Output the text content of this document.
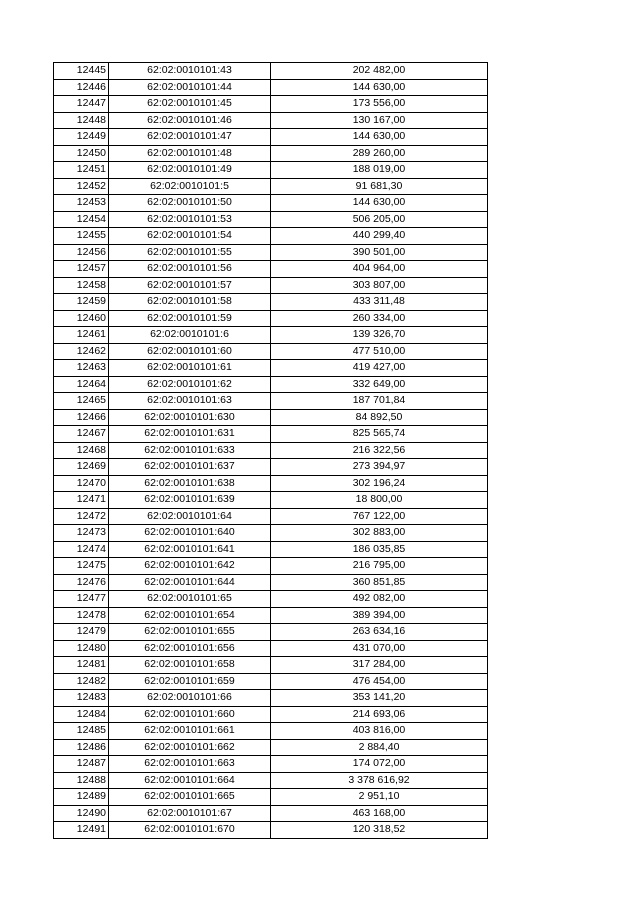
12445	62:02:0010101:43	202 482,00
12446	62:02:0010101:44	144 630,00
12447	62:02:0010101:45	173 556,00
12448	62:02:0010101:46	130 167,00
12449	62:02:0010101:47	144 630,00
12450	62:02:0010101:48	289 260,00
12451	62:02:0010101:49	188 019,00
12452	62:02:0010101:5	91 681,30
12453	62:02:0010101:50	144 630,00
12454	62:02:0010101:53	506 205,00
12455	62:02:0010101:54	440 299,40
12456	62:02:0010101:55	390 501,00
12457	62:02:0010101:56	404 964,00
12458	62:02:0010101:57	303 807,00
12459	62:02:0010101:58	433 311,48
12460	62:02:0010101:59	260 334,00
12461	62:02:0010101:6	139 326,70
12462	62:02:0010101:60	477 510,00
12463	62:02:0010101:61	419 427,00
12464	62:02:0010101:62	332 649,00
12465	62:02:0010101:63	187 701,84
12466	62:02:0010101:630	84 892,50
12467	62:02:0010101:631	825 565,74
12468	62:02:0010101:633	216 322,56
12469	62:02:0010101:637	273 394,97
12470	62:02:0010101:638	302 196,24
12471	62:02:0010101:639	18 800,00
12472	62:02:0010101:64	767 122,00
12473	62:02:0010101:640	302 883,00
12474	62:02:0010101:641	186 035,85
12475	62:02:0010101:642	216 795,00
12476	62:02:0010101:644	360 851,85
12477	62:02:0010101:65	492 082,00
12478	62:02:0010101:654	389 394,00
12479	62:02:0010101:655	263 634,16
12480	62:02:0010101:656	431 070,00
12481	62:02:0010101:658	317 284,00
12482	62:02:0010101:659	476 454,00
12483	62:02:0010101:66	353 141,20
12484	62:02:0010101:660	214 693,06
12485	62:02:0010101:661	403 816,00
12486	62:02:0010101:662	2 884,40
12487	62:02:0010101:663	174 072,00
12488	62:02:0010101:664	3 378 616,92
12489	62:02:0010101:665	2 951,10
12490	62:02:0010101:67	463 168,00
12491	62:02:0010101:670	120 318,52
